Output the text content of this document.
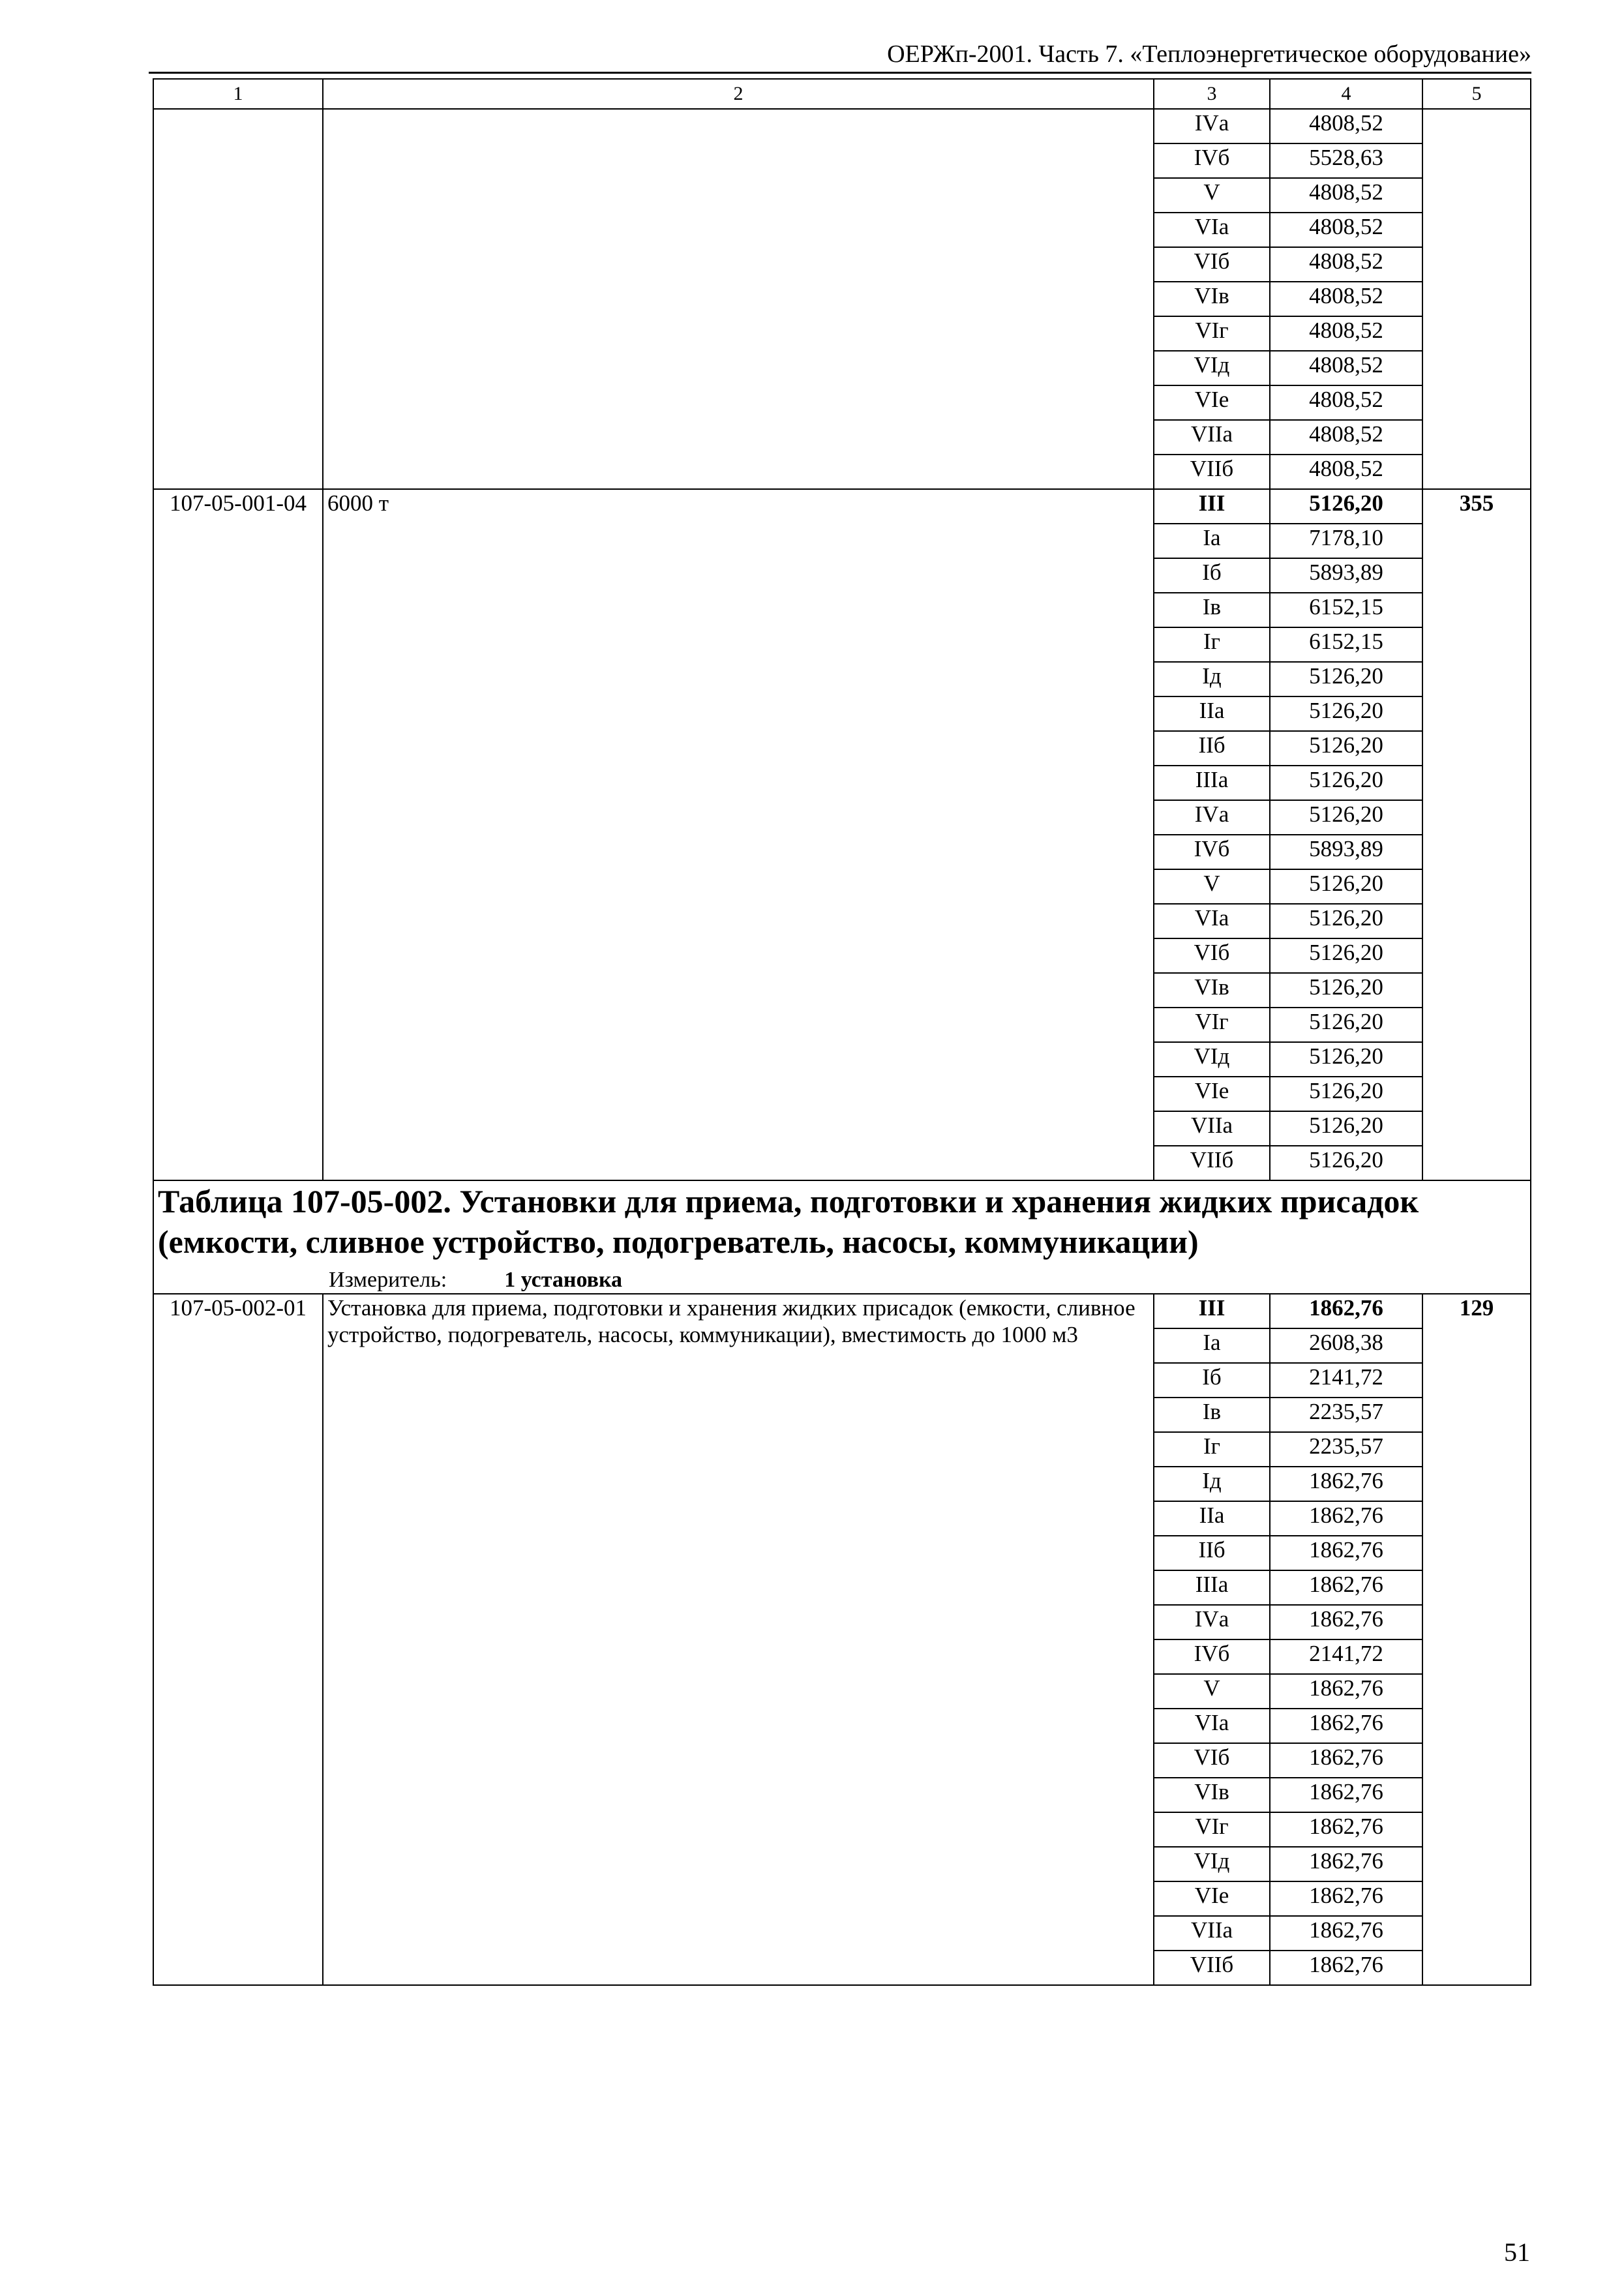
ОЕРЖп-2001. Часть 7. «Теплоэнергетическое оборудование»
1	2	3	4	5
		IVа	4808,52	
		IVб	5528,63	
		V	4808,52	
		VIа	4808,52	
		VIб	4808,52	
		VIв	4808,52	
		VIг	4808,52	
		VIд	4808,52	
		VIе	4808,52	
		VIIа	4808,52	
		VIIб	4808,52	
107-05-001-04	6000 т	III	5126,20	355
		Iа	7178,10	
		Iб	5893,89	
		Iв	6152,15	
		Iг	6152,15	
		Iд	5126,20	
		IIа	5126,20	
		IIб	5126,20	
		IIIа	5126,20	
		IVа	5126,20	
		IVб	5893,89	
		V	5126,20	
		VIа	5126,20	
		VIб	5126,20	
		VIв	5126,20	
		VIг	5126,20	
		VIд	5126,20	
		VIе	5126,20	
		VIIа	5126,20	
		VIIб	5126,20	

Таблица 107-05-002. Установки для приема, подготовки и хранения жидких присадок (емкости, сливное устройство, подогреватель, насосы, коммуникации)
Измеритель: 1 установка				

107-05-002-01	Установка для приема, подготовки и хранения жидких присадок (емкости, сливное устройство, подогреватель, насосы, коммуникации), вместимость до 1000 м3	III	1862,76	129
		Iа	2608,38	
		Iб	2141,72	
		Iв	2235,57	
		Iг	2235,57	
		Iд	1862,76	
		IIа	1862,76	
		IIб	1862,76	
		IIIа	1862,76	
		IVа	1862,76	
		IVб	2141,72	
		V	1862,76	
		VIа	1862,76	
		VIб	1862,76	
		VIв	1862,76	
		VIг	1862,76	
		VIд	1862,76	
		VIе	1862,76	
		VIIа	1862,76	
		VIIб	1862,76	
51
